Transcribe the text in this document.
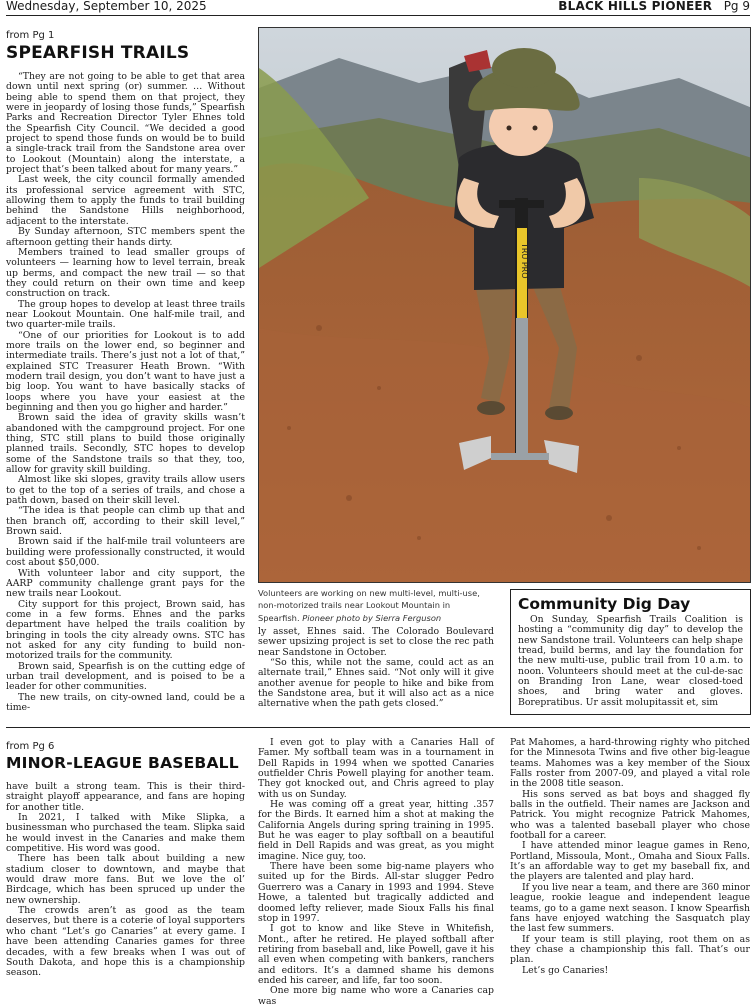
Wednesday, September 10, 2025	BLACK HILLS PIONEER Pg 9
from Pg 1
SPEARFISH TRAILS

“They are not going to be able to get that area down until next spring (or) summer. … Without being able to spend them on that project, they were in jeopardy of losing those funds,” Spearfish Parks and Recreation Director Tyler Ehnes told the Spearfish City Council. “We decided a good project to spend those funds on would be to build a single-track trail from the Sandstone area over to Lookout (Mountain) along the interstate, a project that’s been talked about for many years.”

Last week, the city council formally amended its professional service agreement with STC, allowing them to apply the funds to trail building behind the Sandstone Hills neighborhood, adjacent to the interstate.

By Sunday afternoon, STC members spent the afternoon getting their hands dirty.

Members trained to lead smaller groups of volunteers — learning how to level terrain, break up berms, and compact the new trail — so that they could return on their own time and keep construction on track.

The group hopes to develop at least three trails near Lookout Mountain. One half-mile trail, and two quarter-mile trails.

“One of our priorities for Lookout is to add more trails on the lower end, so beginner and intermediate trails. There’s just not a lot of that,” explained STC Treasurer Heath Brown. “With modern trail design, you don’t want to have just a big loop. You want to have basically stacks of loops where you have your easiest at the beginning and then you go higher and harder.”

Brown said the idea of gravity skills wasn’t abandoned with the campground project. For one thing, STC still plans to build those originally planned trails. Secondly, STC hopes to develop some of the Sandstone trails so that they, too, allow for gravity skill building.

Almost like ski slopes, gravity trails allow users to get to the top of a series of trails, and chose a path down, based on their skill level.

“The idea is that people can climb up that and then branch off, according to their skill level,” Brown said.

Brown said if the half-mile trail volunteers are building were professionally constructed, it would cost about $50,000.

With volunteer labor and city support, the AARP community challenge grant pays for the new trails near Lookout.

City support for this project, Brown said, has come in a few forms. Ehnes and the parks department have helped the trails coalition by bringing in tools the city already owns. STC has not asked for any city funding to build non-motorized trails for the community.

Brown said, Spearfish is on the cutting edge of urban trail development, and is poised to be a leader for other communities.

The new trails, on city-owned land, could be a time-

TRU PRO
Volunteers are working on new multi-level, multi-use, non-motorized trails near Lookout Mountain in Spearfish. Pioneer photo by Sierra Ferguson

ly asset, Ehnes said. The Colorado Boulevard sewer upsizing project is set to close the rec path near Sandstone in October.

“So this, while not the same, could act as an alternate trail,” Ehnes said. “Not only will it give another avenue for people to hike and bike from the Sandstone area, but it will also act as a nice alternative when the path gets closed.”

Community Dig Day

On Sunday, Spearfish Trails Coalition is hosting a “community dig day” to develop the new Sandstone trail. Volunteers can help shape tread, build berms, and lay the foundation for the new multi-use, public trail from 10 a.m. to noon. Volunteers should meet at the cul-de-sac on Branding Iron Lane, wear closed-toed shoes, and bring water and gloves. Borepratibus. Ur assit molupitassit et, sim

from Pg 6
MINOR-LEAGUE BASEBALL

have built a strong team. This is their third-straight playoff appearance, and fans are hoping for another title.

In 2021, I talked with Mike Slipka, a businessman who purchased the team. Slipka said he would invest in the Canaries and make them competitive. His word was good.

There has been talk about building a new stadium closer to downtown, and maybe that would draw more fans. But we love the ol’ Birdcage, which has been spruced up under the new ownership.

The crowds aren’t as good as the team deserves, but there is a coterie of loyal supporters who chant “Let’s go Canaries” at every game. I have been attending Canaries games for three decades, with a few breaks when I was out of South Dakota, and hope this is a championship season.

I even got to play with a Canaries Hall of Famer. My softball team was in a tournament in Dell Rapids in 1994 when we spotted Canaries outfielder Chris Powell playing for another team. They got knocked out, and Chris agreed to play with us on Sunday.

He was coming off a great year, hitting .357 for the Birds. It earned him a shot at making the California Angels during spring training in 1995. But he was eager to play softball on a beautiful field in Dell Rapids and was great, as you might imagine. Nice guy, too.

There have been some big-name players who suited up for the Birds. All-star slugger Pedro Guerrero was a Canary in 1993 and 1994. Steve Howe, a talented but tragically addicted and doomed lefty reliever, made Sioux Falls his final stop in 1997.

I got to know and like Steve in Whitefish, Mont., after he retired. He played softball after retiring from baseball and, like Powell, gave it his all even when competing with bankers, ranchers and editors. It’s a damned shame his demons ended his career, and life, far too soon.

One more big name who wore a Canaries cap was

Pat Mahomes, a hard-throwing righty who pitched for the Minnesota Twins and five other big-league teams. Mahomes was a key member of the Sioux Falls roster from 2007-09, and played a vital role in the 2008 title season.

His sons served as bat boys and shagged fly balls in the outfield. Their names are Jackson and Patrick. You might recognize Patrick Mahomes, who was a talented baseball player who chose football for a career.

I have attended minor league games in Reno, Portland, Missoula, Mont., Omaha and Sioux Falls. It’s an affordable way to get my baseball fix, and the players are talented and play hard.

If you live near a team, and there are 360 minor league, rookie league and independent league teams, go to a game next season. I know Spearfish fans have enjoyed watching the Sasquatch play the last few summers.

If your team is still playing, root them on as they chase a championship this fall. That’s our plan.

Let’s go Canaries!
